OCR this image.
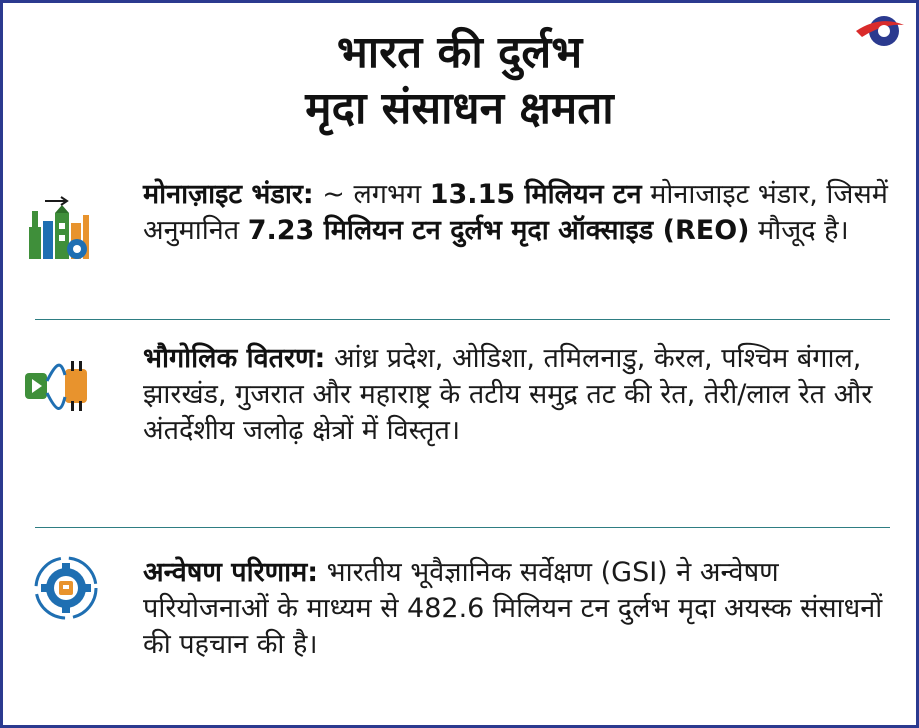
भारत की दुर्लभ
मृदा संसाधन क्षमता
मोनाज़ाइट भंडार: ~ लगभग 13.15 मिलियन टन मोनाजाइट भंडार, जिसमें अनुमानित 7.23 मिलियन टन दुर्लभ मृदा ऑक्साइड (REO) मौजूद है।
भौगोलिक वितरण: आंध्र प्रदेश, ओडिशा, तमिलनाडु, केरल, पश्चिम बंगाल, झारखंड, गुजरात और महाराष्ट्र के तटीय समुद्र तट की रेत, तेरी/लाल रेत और अंतर्देशीय जलोढ़ क्षेत्रों में विस्तृत।
अन्वेषण परिणाम: भारतीय भूवैज्ञानिक सर्वेक्षण (GSI) ने अन्वेषण परियोजनाओं के माध्यम से 482.6 मिलियन टन दुर्लभ मृदा अयस्क संसाधनों की पहचान की है।
